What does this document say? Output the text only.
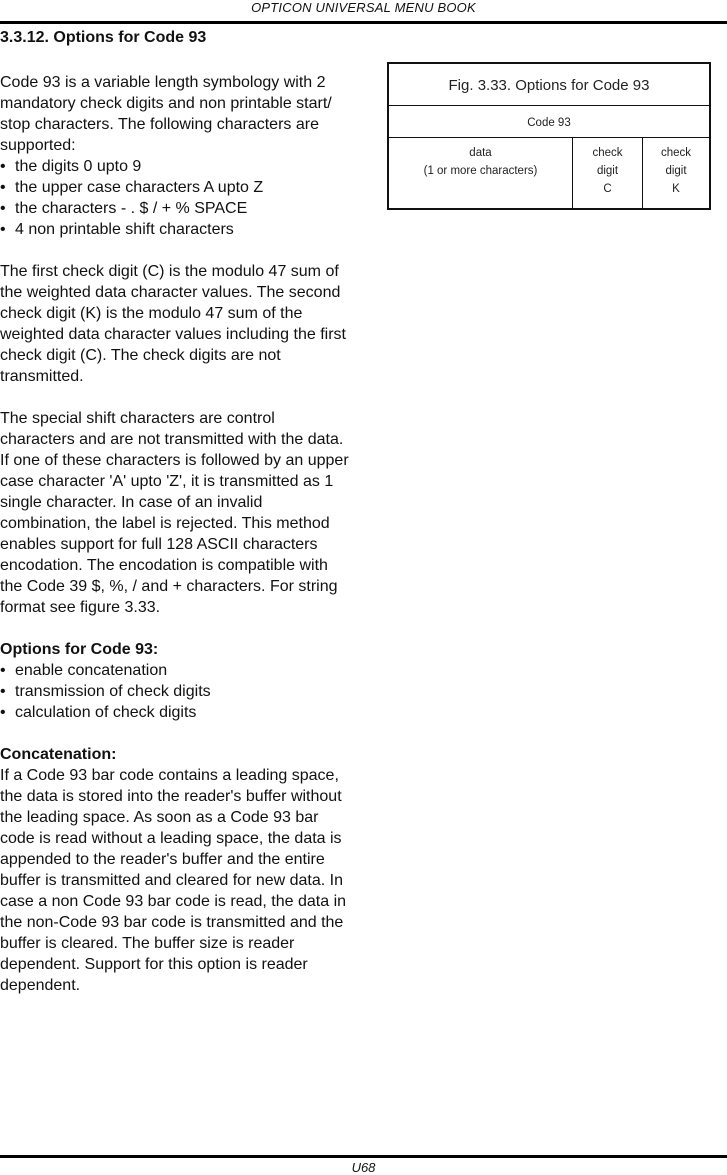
OPTICON UNIVERSAL MENU BOOK
3.3.12. Options for Code 93

Code 93 is a variable length symbology with 2 mandatory check digits and non printable start/ stop characters. The following characters are supported:

• the digits 0 upto 9
• the upper case characters A upto Z
• the characters - . $ / + % SPACE
• 4 non printable shift characters

The first check digit (C) is the modulo 47 sum of the weighted data character values. The second check digit (K) is the modulo 47 sum of the weighted data character values including the first check digit (C). The check digits are not transmitted.

The special shift characters are control characters and are not transmitted with the data. If one of these characters is followed by an upper case character 'A' upto 'Z', it is transmitted as 1 single character. In case of an invalid combination, the label is rejected. This method enables support for full 128 ASCII characters encodation. The encodation is compatible with the Code 39 $, %, / and + characters. For string format see figure 3.33.

Options for Code 93:

• enable concatenation
• transmission of check digits
• calculation of check digits

Concatenation:

If a Code 93 bar code contains a leading space, the data is stored into the reader's buffer without the leading space. As soon as a Code 93 bar code is read without a leading space, the data is appended to the reader's buffer and the entire buffer is transmitted and cleared for new data. In case a non Code 93 bar code is read, the data in the non-Code 93 bar code is transmitted and the buffer is cleared. The buffer size is reader dependent. Support for this option is reader dependent.

Fig. 3.33. Options for Code 93
Code 93
data
(1 or more characters)
check
digit
C
check
digit
K
U68
